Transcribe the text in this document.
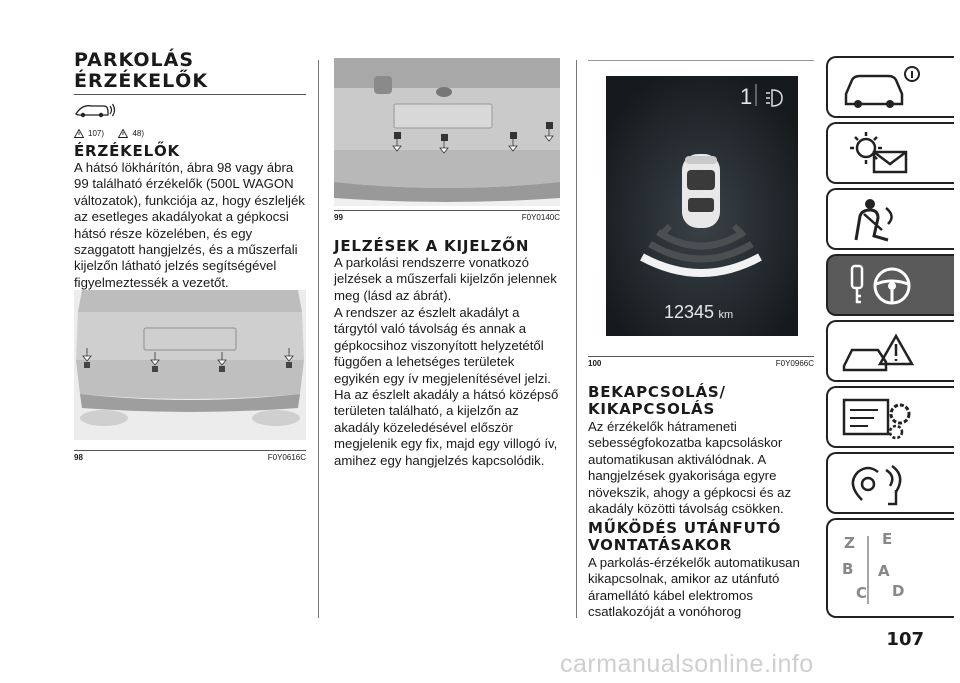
PARKOLÁS
ÉRZÉKELŐK
107)
	48)
ÉRZÉKELŐK

A hátsó lökhárítón, ábra 98 vagy ábra 99 található érzékelők (500L WAGON változatok), funkciója az, hogy észleljék az esetleges akadályokat a gépkocsi hátsó része közelében, és egy szaggatott hangjelzés, és a műszerfali kijelzőn látható jelzés segítségével figyelmeztessék a vezetőt.

98	F0Y0616C
99	F0Y0140C
JELZÉSEK A KIJELZŐN

A parkolási rendszerre vonatkozó jelzések a műszerfali kijelzőn jelennek meg (lásd az ábrát).

A rendszer az észlelt akadályt a tárgytól való távolság és annak a gépkocsihoz viszonyított helyzetétől függően a lehetséges területek egyikén egy ív megjelenítésével jelzi. Ha az észlelt akadály a hátsó középső területen található, a kijelzőn az akadály közeledésével először megjelenik egy fix, majd egy villogó ív, amihez egy hangjelzés kapcsolódik.

1
12345 km
100	F0Y0966C
BEKAPCSOLÁS/
KIKAPCSOLÁS

Az érzékelők hátrameneti sebességfokozatba kapcsoláskor automatikusan aktiválódnak. A hangjelzések gyakorisága egyre növekszik, ahogy a gépkocsi és az akadály közötti távolság csökken.

MŰKÖDÉS UTÁNFUTÓ
VONTATÁSAKOR

A parkolás-érzékelők automatikusan kikapcsolnak, amikor az utánfutó áramellátó kábel elektromos csatlakozóját a vonóhorog

Z E
B A
C D
107
carmanualsonline.info
